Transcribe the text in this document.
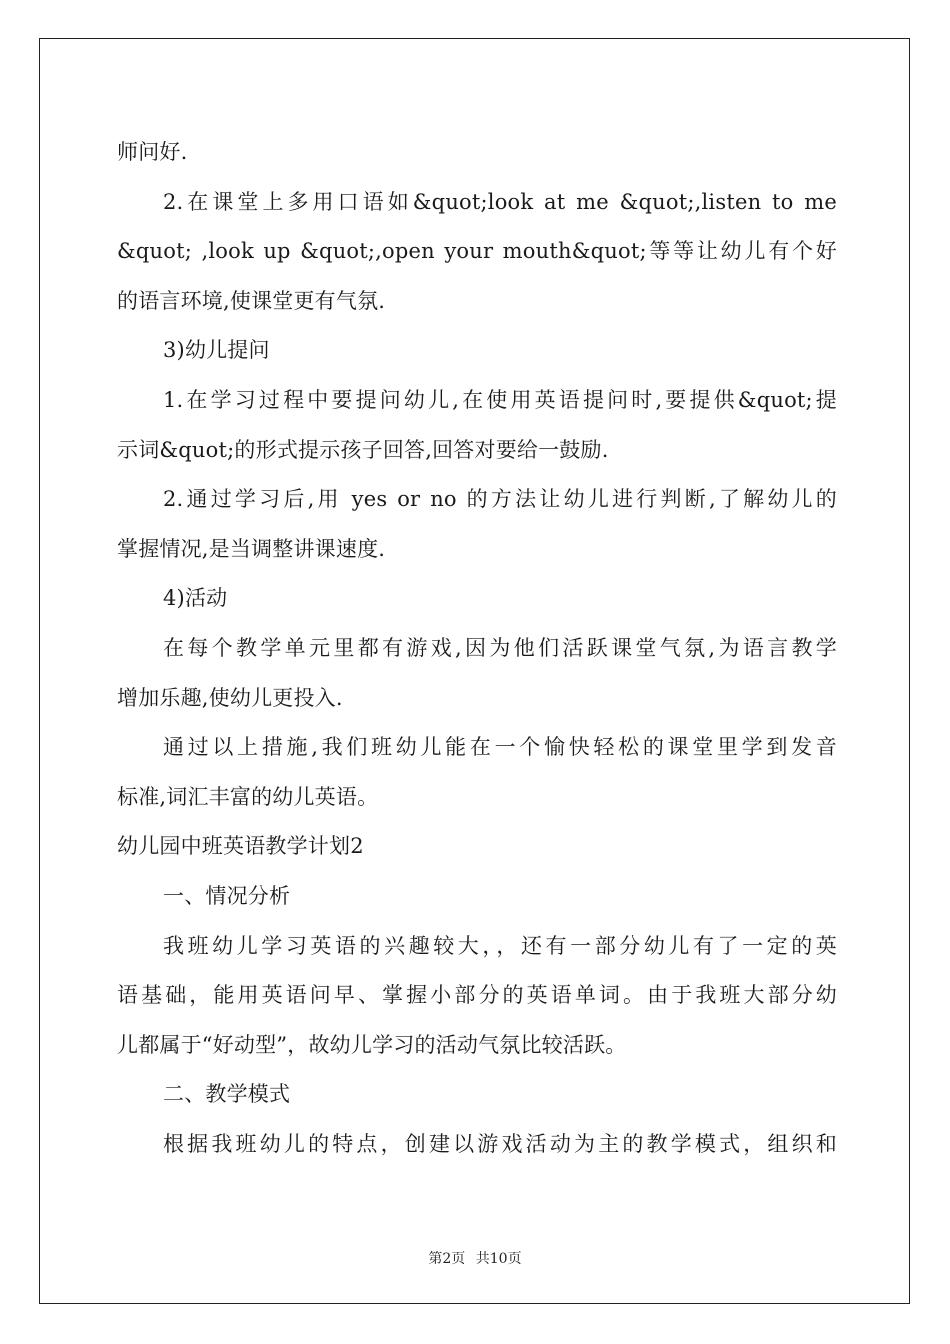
师问好.
2.在课堂上多用口语如&quot;look at me &quot;,listen to me
&quot; ,look up &quot;,open your mouth&quot;等等让幼儿有个好
的语言环境,使课堂更有气氛.
3)幼儿提问
1.在学习过程中要提问幼儿,在使用英语提问时,要提供&quot;提
示词&quot;的形式提示孩子回答,回答对要给一鼓励.
2.通过学习后,用 yes or no 的方法让幼儿进行判断,了解幼儿的
掌握情况,是当调整讲课速度.
4)活动
在每个教学单元里都有游戏,因为他们活跃课堂气氛,为语言教学
增加乐趣,使幼儿更投入.
通过以上措施,我们班幼儿能在一个愉快轻松的课堂里学到发音
标准,词汇丰富的幼儿英语。
幼儿园中班英语教学计划2
一、情况分析
我班幼儿学习英语的兴趣较大，，还有一部分幼儿有了一定的英
语基础，能用英语问早、掌握小部分的英语单词。由于我班大部分幼
儿都属于“好动型”，故幼儿学习的活动气氛比较活跃。
二、教学模式
根据我班幼儿的特点，创建以游戏活动为主的教学模式，组织和
第2页 共10页
